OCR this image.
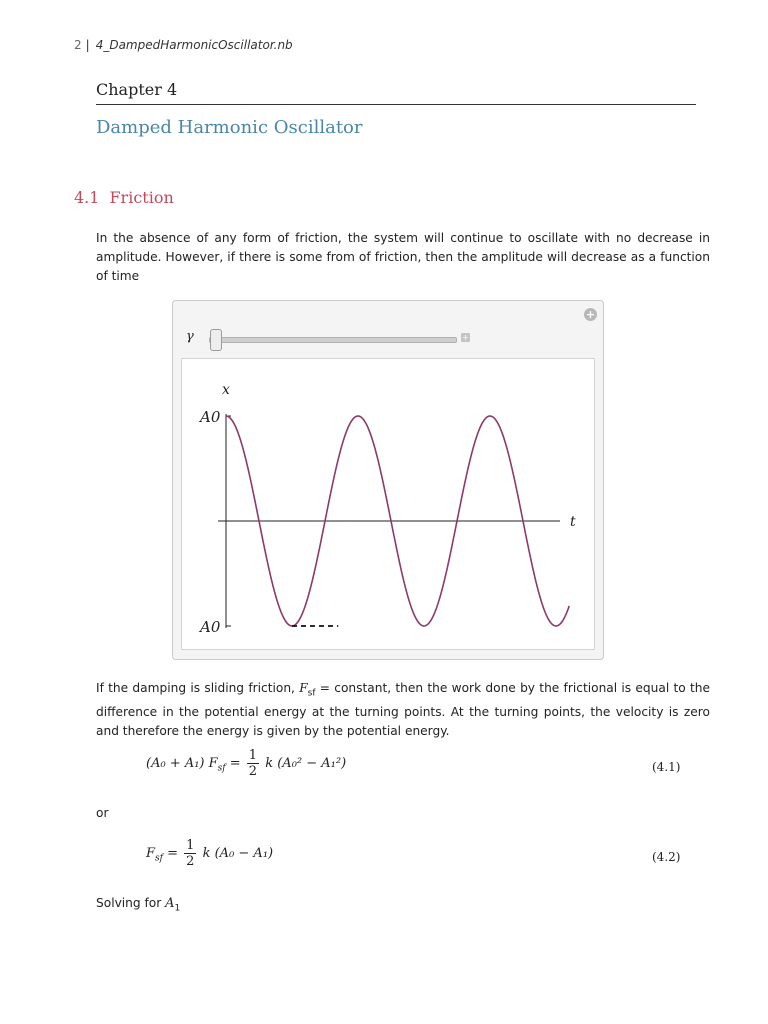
2 | 4_DampedHarmonicOscillator.nb
Chapter 4
Damped Harmonic Oscillator
4.1 Friction
In the absence of any form of friction, the system will continue to oscillate with no decrease in amplitude. However, if there is some from of friction, then the amplitude will decrease as a function of time
+
γ	+
x
t
A0
A0
If the damping is sliding friction, $F_{sf}$ = constant, then the work done by the frictional is equal to the difference in the potential energy at the turning points. At the turning points, the velocity is zero and therefore the energy is given by the potential energy.
(A₀ + A₁) $F_{sf} = \frac{1}{2}$ k (A₀² − A₁²)	(4.1)
or
$F_{sf} = \frac{1}{2}$ k (A₀ − A₁)	(4.2)
Solving for $A_1$
